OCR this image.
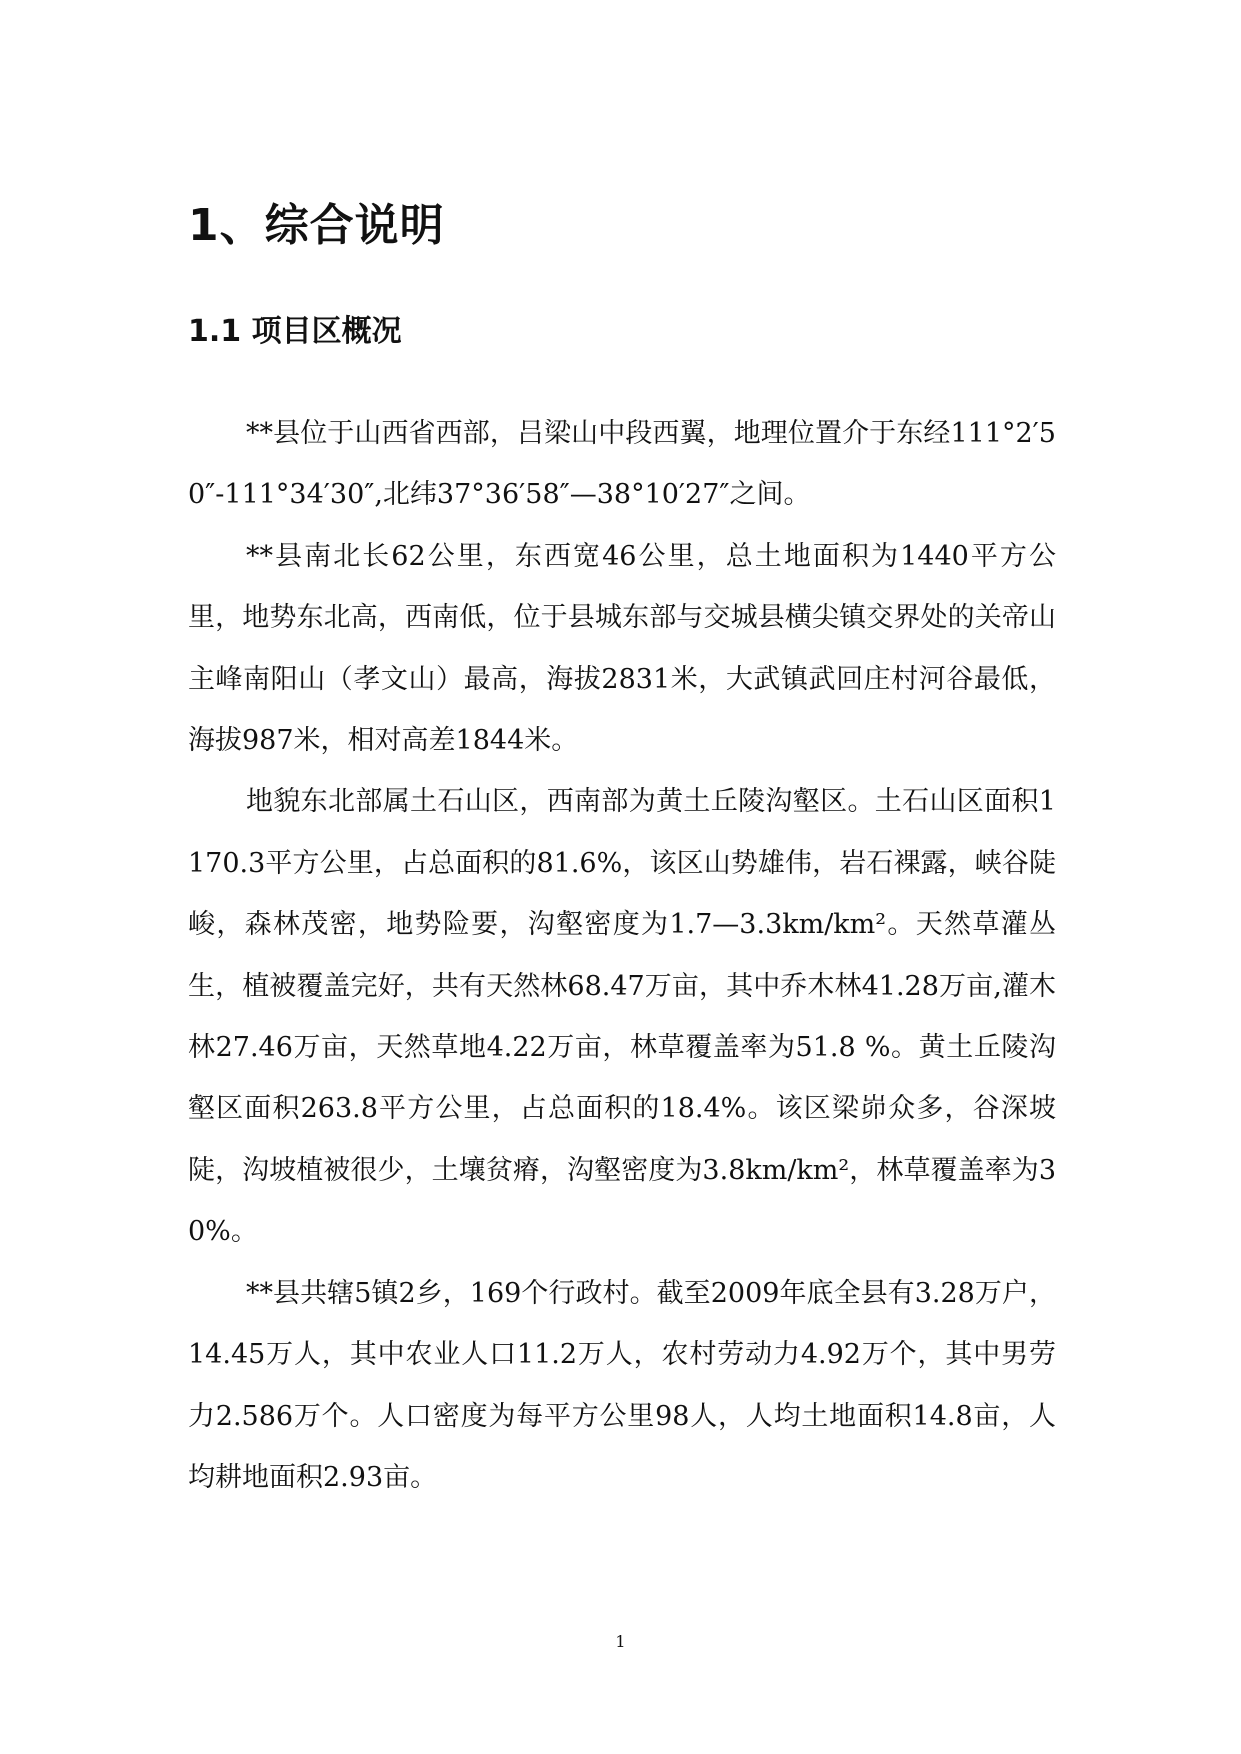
1、综合说明
1.1 项目区概况

**县位于山西省西部，吕梁山中段西翼，地理位置介于东经111°2′50″-111°34′30″,北纬37°36′58″—38°10′27″之间。

**县南北长62公里，东西宽46公里，总土地面积为1440平方公里，地势东北高，西南低，位于县城东部与交城县横尖镇交界处的关帝山主峰南阳山（孝文山）最高，海拔2831米，大武镇武回庄村河谷最低，海拔987米，相对高差1844米。

地貌东北部属土石山区，西南部为黄土丘陵沟壑区。土石山区面积1170.3平方公里，占总面积的81.6%，该区山势雄伟，岩石裸露，峡谷陡峻，森林茂密，地势险要，沟壑密度为1.7—3.3km/km²。天然草灌丛生，植被覆盖完好，共有天然林68.47万亩，其中乔木林41.28万亩,灌木林27.46万亩，天然草地4.22万亩，林草覆盖率为51.8 %。黄土丘陵沟壑区面积263.8平方公里，占总面积的18.4%。该区梁峁众多，谷深坡陡，沟坡植被很少，土壤贫瘠，沟壑密度为3.8km/km²，林草覆盖率为30%。

**县共辖5镇2乡，169个行政村。截至2009年底全县有3.28万户，14.45万人，其中农业人口11.2万人，农村劳动力4.92万个，其中男劳力2.586万个。人口密度为每平方公里98人，人均土地面积14.8亩，人均耕地面积2.93亩。

1
